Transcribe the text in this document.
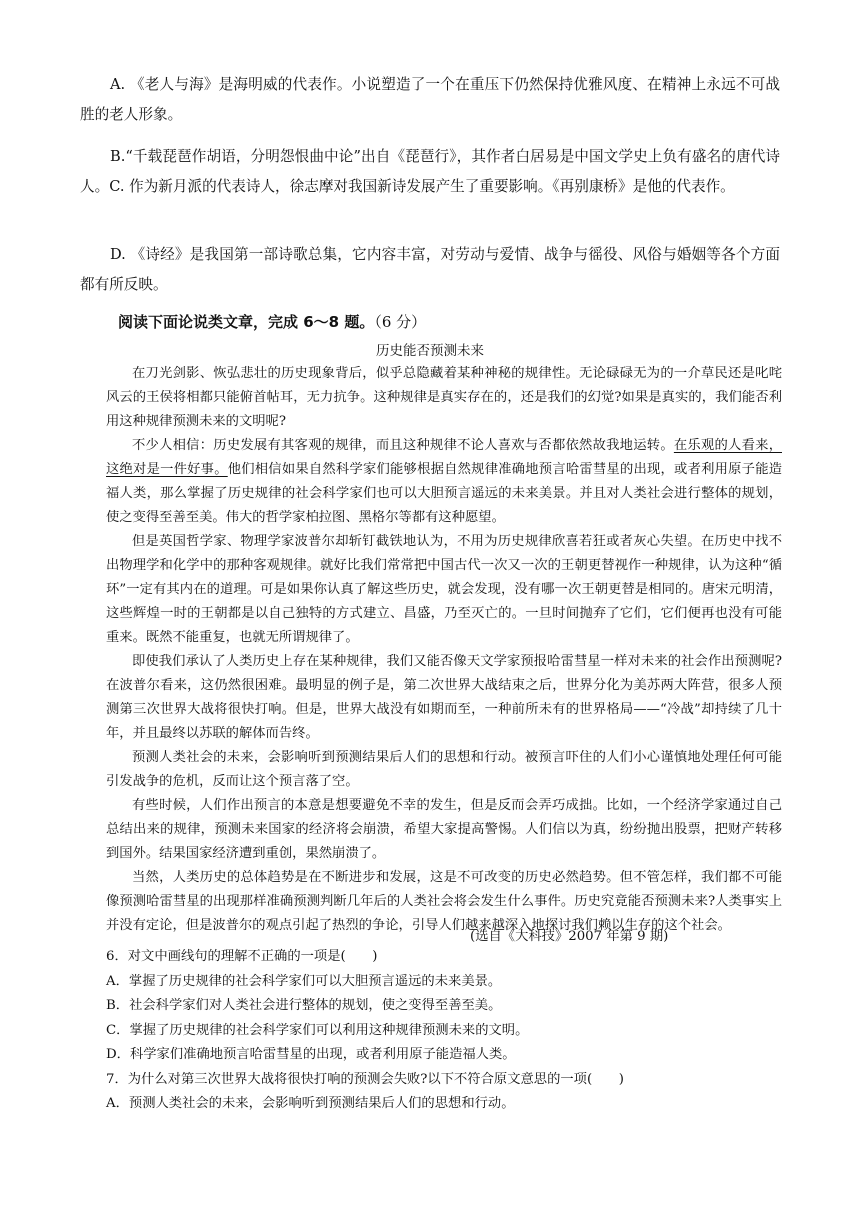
A. 《老人与海》是海明威的代表作。小说塑造了一个在重压下仍然保持优雅风度、在精神上永远不可战胜的老人形象。

B.“千载琵琶作胡语，分明怨恨曲中论”出自《琵琶行》，其作者白居易是中国文学史上负有盛名的唐代诗人。C. 作为新月派的代表诗人，徐志摩对我国新诗发展产生了重要影响。《再别康桥》是他的代表作。

D. 《诗经》是我国第一部诗歌总集，它内容丰富，对劳动与爱情、战争与徭役、风俗与婚姻等各个方面都有所反映。

阅读下面论说类文章，完成 6～8 题。（6 分）

历史能否预测未来

在刀光剑影、恢弘悲壮的历史现象背后，似乎总隐藏着某种神秘的规律性。无论碌碌无为的一介草民还是叱咤风云的王侯将相都只能俯首帖耳，无力抗争。这种规律是真实存在的，还是我们的幻觉?如果是真实的，我们能否利用这种规律预测未来的文明呢?

不少人相信：历史发展有其客观的规律，而且这种规律不论人喜欢与否都依然故我地运转。在乐观的人看来，这绝对是一件好事。他们相信如果自然科学家们能够根据自然规律准确地预言哈雷彗星的出现，或者利用原子能造福人类，那么掌握了历史规律的社会科学家们也可以大胆预言遥远的未来美景。并且对人类社会进行整体的规划，使之变得至善至美。伟大的哲学家柏拉图、黑格尔等都有这种愿望。

但是英国哲学家、物理学家波普尔却斩钉截铁地认为，不用为历史规律欣喜若狂或者灰心失望。在历史中找不出物理学和化学中的那种客观规律。就好比我们常常把中国古代一次又一次的王朝更替视作一种规律，认为这种“循环”一定有其内在的道理。可是如果你认真了解这些历史，就会发现，没有哪一次王朝更替是相同的。唐宋元明清，这些辉煌一时的王朝都是以自己独特的方式建立、昌盛，乃至灭亡的。一旦时间抛弃了它们，它们便再也没有可能重来。既然不能重复，也就无所谓规律了。

即使我们承认了人类历史上存在某种规律，我们又能否像天文学家预报哈雷彗星一样对未来的社会作出预测呢?在波普尔看来，这仍然很困难。最明显的例子是，第二次世界大战结束之后，世界分化为美苏两大阵营，很多人预测第三次世界大战将很快打响。但是，世界大战没有如期而至，一种前所未有的世界格局——“冷战”却持续了几十年，并且最终以苏联的解体而告终。

预测人类社会的未来，会影响听到预测结果后人们的思想和行动。被预言吓住的人们小心谨慎地处理任何可能引发战争的危机，反而让这个预言落了空。

有些时候，人们作出预言的本意是想要避免不幸的发生，但是反而会弄巧成拙。比如，一个经济学家通过自己总结出来的规律，预测未来国家的经济将会崩溃，希望大家提高警惕。人们信以为真，纷纷抛出股票，把财产转移到国外。结果国家经济遭到重创，果然崩溃了。

当然，人类历史的总体趋势是在不断进步和发展，这是不可改变的历史必然趋势。但不管怎样，我们都不可能像预测哈雷彗星的出现那样准确预测判断几年后的人类社会将会发生什么事件。历史究竟能否预测未来?人类事实上并没有定论，但是波普尔的观点引起了热烈的争论，引导人们越来越深入地探讨我们赖以生存的这个社会。

(选自《大科技》2007 年第 9 期)

6．对文中画线句的理解不正确的一项是(　　)
A．掌握了历史规律的社会科学家们可以大胆预言遥远的未来美景。
B．社会科学家们对人类社会进行整体的规划，使之变得至善至美。
C．掌握了历史规律的社会科学家们可以利用这种规律预测未来的文明。
D．科学家们准确地预言哈雷彗星的出现，或者利用原子能造福人类。
7．为什么对第三次世界大战将很快打响的预测会失败?以下不符合原文意思的一项(　　)
A．预测人类社会的未来，会影响听到预测结果后人们的思想和行动。
